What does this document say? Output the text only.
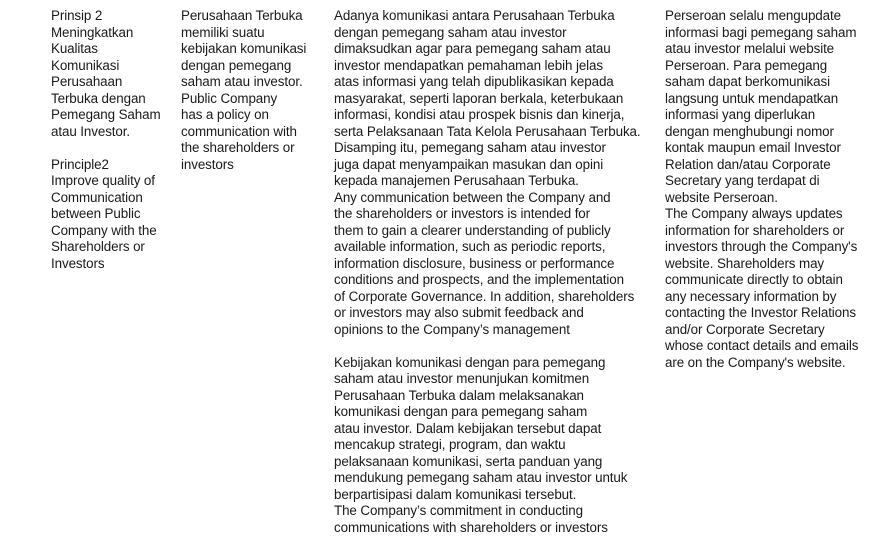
Prinsip 2
Meningkatkan
Kualitas
Komunikasi
Perusahaan
Terbuka dengan
Pemegang Saham
atau Investor.

Principle2
Improve quality of
Communication
between Public
Company with the
Shareholders or
Investors

Perusahaan Terbuka
memiliki suatu
kebijakan komunikasi
dengan pemegang
saham atau investor.

Public Company
has a policy on
communication with
the shareholders or
investors

Adanya komunikasi antara Perusahaan Terbuka
dengan pemegang saham atau investor
dimaksudkan agar para pemegang saham atau
investor mendapatkan pemahaman lebih jelas
atas informasi yang telah dipublikasikan kepada
masyarakat, seperti laporan berkala, keterbukaan
informasi, kondisi atau prospek bisnis dan kinerja,
serta Pelaksanaan Tata Kelola Perusahaan Terbuka.
Disamping itu, pemegang saham atau investor
juga dapat menyampaikan masukan dan opini
kepada manajemen Perusahaan Terbuka.

Any communication between the Company and
the shareholders or investors is intended for
them to gain a clearer understanding of publicly
available information, such as periodic reports,
information disclosure, business or performance
conditions and prospects, and the implementation
of Corporate Governance. In addition, shareholders
or investors may also submit feedback and
opinions to the Company’s management

Kebijakan komunikasi dengan para pemegang
saham atau investor menunjukan komitmen
Perusahaan Terbuka dalam melaksanakan
komunikasi dengan para pemegang saham
atau investor. Dalam kebijakan tersebut dapat
mencakup strategi, program, dan waktu
pelaksanaan komunikasi, serta panduan yang
mendukung pemegang saham atau investor untuk
berpartisipasi dalam komunikasi tersebut.

The Company’s commitment in conducting
communications with shareholders or investors

Perseroan selalu mengupdate
informasi bagi pemegang saham
atau investor melalui website
Perseroan. Para pemegang
saham dapat berkomunikasi
langsung untuk mendapatkan
informasi yang diperlukan
dengan menghubungi nomor
kontak maupun email Investor
Relation dan/atau Corporate
Secretary yang terdapat di
website Perseroan.

The Company always updates
information for shareholders or
investors through the Company's
website. Shareholders may
communicate directly to obtain
any necessary information by
contacting the Investor Relations
and/or Corporate Secretary
whose contact details and emails
are on the Company's website.
